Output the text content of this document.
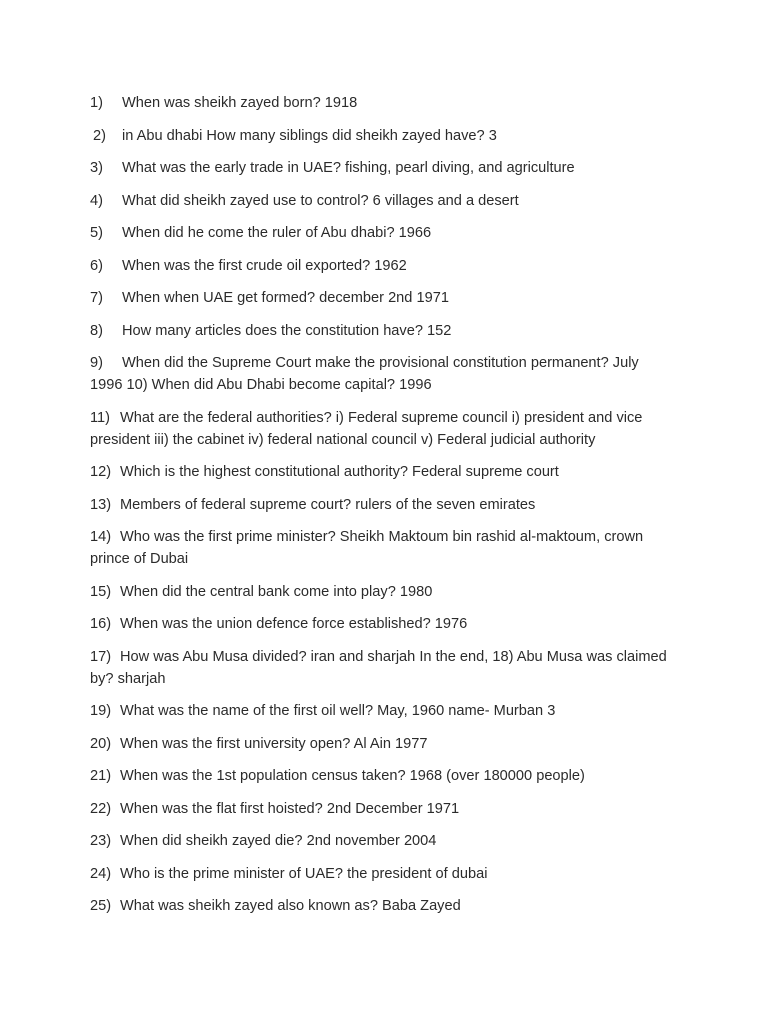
1) When was sheikh zayed born? 1918
2) in Abu dhabi How many siblings did sheikh zayed have? 3
3) What was the early trade in UAE? fishing, pearl diving, and agriculture
4) What did sheikh zayed use to control? 6 villages and a desert
5) When did he come the ruler of Abu dhabi? 1966
6) When was the first crude oil exported? 1962
7) When when UAE get formed? december 2nd 1971
8) How many articles does the constitution have? 152
9) When did the Supreme Court make the provisional constitution permanent? July 1996 10) When did Abu Dhabi become capital? 1996
11) What are the federal authorities? i) Federal supreme council i) president and vice president iii) the cabinet iv) federal national council v) Federal judicial authority
12) Which is the highest constitutional authority? Federal supreme court
13) Members of federal supreme court? rulers of the seven emirates
14) Who was the first prime minister? Sheikh Maktoum bin rashid al-maktoum, crown prince of Dubai
15) When did the central bank come into play? 1980
16) When was the union defence force established? 1976
17) How was Abu Musa divided? iran and sharjah In the end, 18) Abu Musa was claimed by? sharjah
19) What was the name of the first oil well? May, 1960 name- Murban 3
20) When was the first university open? Al Ain 1977
21) When was the 1st population census taken? 1968 (over 180000 people)
22) When was the flat first hoisted? 2nd December 1971
23) When did sheikh zayed die? 2nd november 2004
24) Who is the prime minister of UAE? the president of dubai
25) What was sheikh zayed also known as? Baba Zayed
